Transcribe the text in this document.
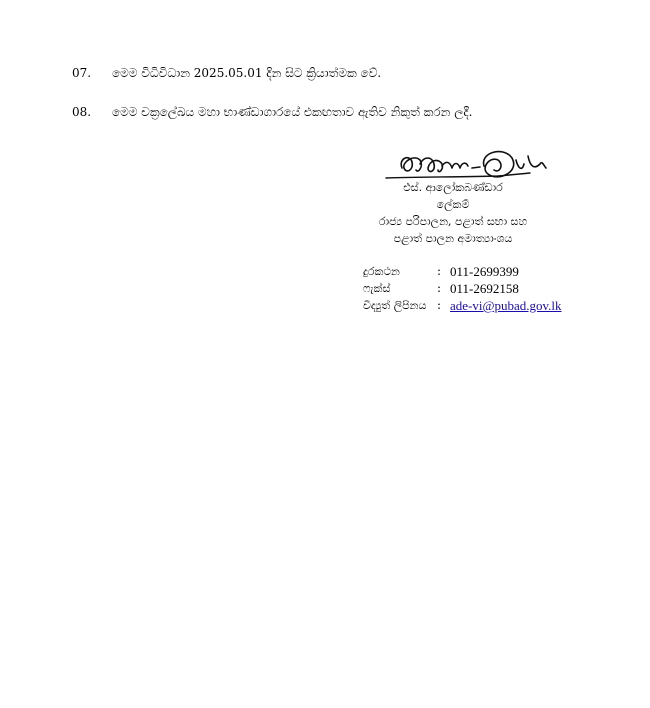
07.	මෙම විධිවිධාන 2025.05.01 දින සිට ක්‍රියාත්මක වේ.
08.	මෙම චක්‍රලේඛය මහා භාණ්ඩාගාරයේ එකඟතාව ඇතිව නිකුත් කරන ලදී.
එස්. ආලෝකබණ්ඩාර
ලේකම්
රාජ්‍ය පරිපාලන, පළාත් සභා සහ
පළාත් පාලන අමාත්‍යාංශය
දුරකථන	: 011-2699399
ෆැක්ස්	: 011-2692158
විද්‍යුත් ලිපිනය : ade-vi@pubad.gov.lk
